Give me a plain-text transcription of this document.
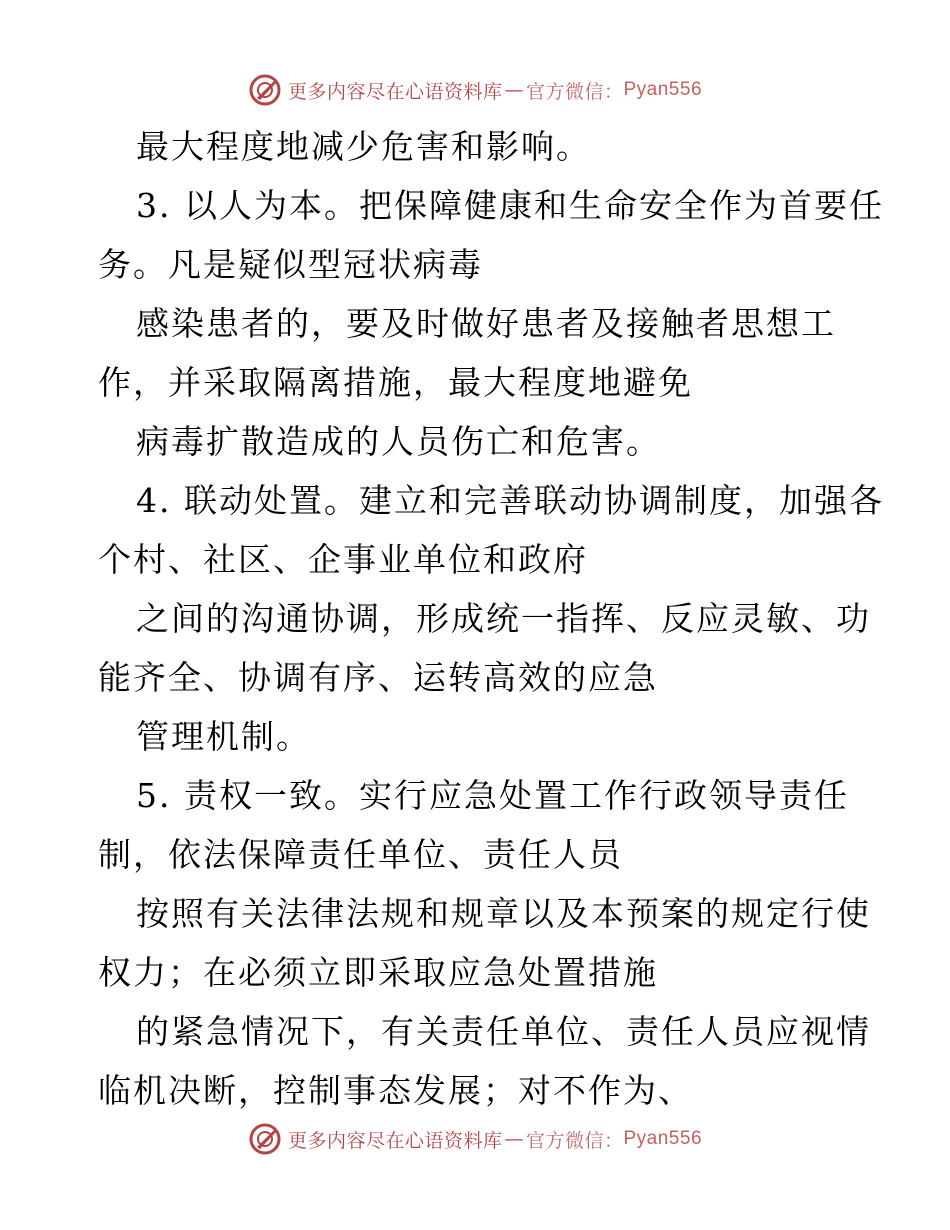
更多内容尽在心语资料库 — 官方微信： Pyan556
最大程度地减少危害和影响。
3. 以人为本。把保障健康和生命安全作为首要任
务。凡是疑似型冠状病毒
感染患者的，要及时做好患者及接触者思想工
作，并采取隔离措施，最大程度地避免
病毒扩散造成的人员伤亡和危害。
4. 联动处置。建立和完善联动协调制度，加强各
个村、社区、企事业单位和政府
之间的沟通协调，形成统一指挥、反应灵敏、功
能齐全、协调有序、运转高效的应急
管理机制。
5. 责权一致。实行应急处置工作行政领导责任
制，依法保障责任单位、责任人员
按照有关法律法规和规章以及本预案的规定行使
权力；在必须立即采取应急处置措施
的紧急情况下，有关责任单位、责任人员应视情
临机决断，控制事态发展；对不作为、
更多内容尽在心语资料库 — 官方微信： Pyan556
